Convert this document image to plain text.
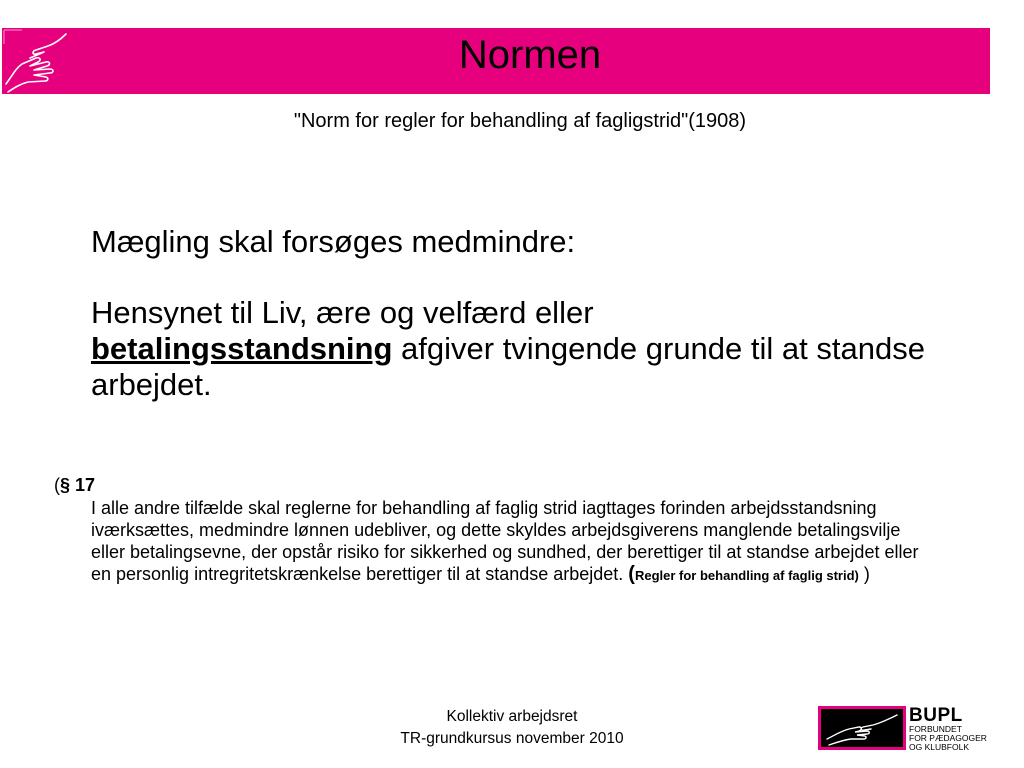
Normen
"Norm for regler for behandling af fagligstrid"(1908)

Mægling skal forsøges medmindre:

Hensynet til Liv, ære og velfærd eller
betalingsstandsning afgiver tvingende grunde til at standse arbejdet.

(§ 17
I alle andre tilfælde skal reglerne for behandling af faglig strid iagttages forinden arbejdsstandsning iværksættes, medmindre lønnen udebliver, og dette skyldes arbejdsgiverens manglende betalingsvilje eller betalingsevne, der opstår risiko for sikkerhed og sundhed, der berettiger til at standse arbejdet eller en personlig intregritetskrænkelse berettiger til at standse arbejdet. (Regler for behandling af faglig strid) )
Kollektiv arbejdsret
TR-grundkursus november 2010
BUPL
FORBUNDET
FOR PÆDAGOGER
OG KLUBFOLK
